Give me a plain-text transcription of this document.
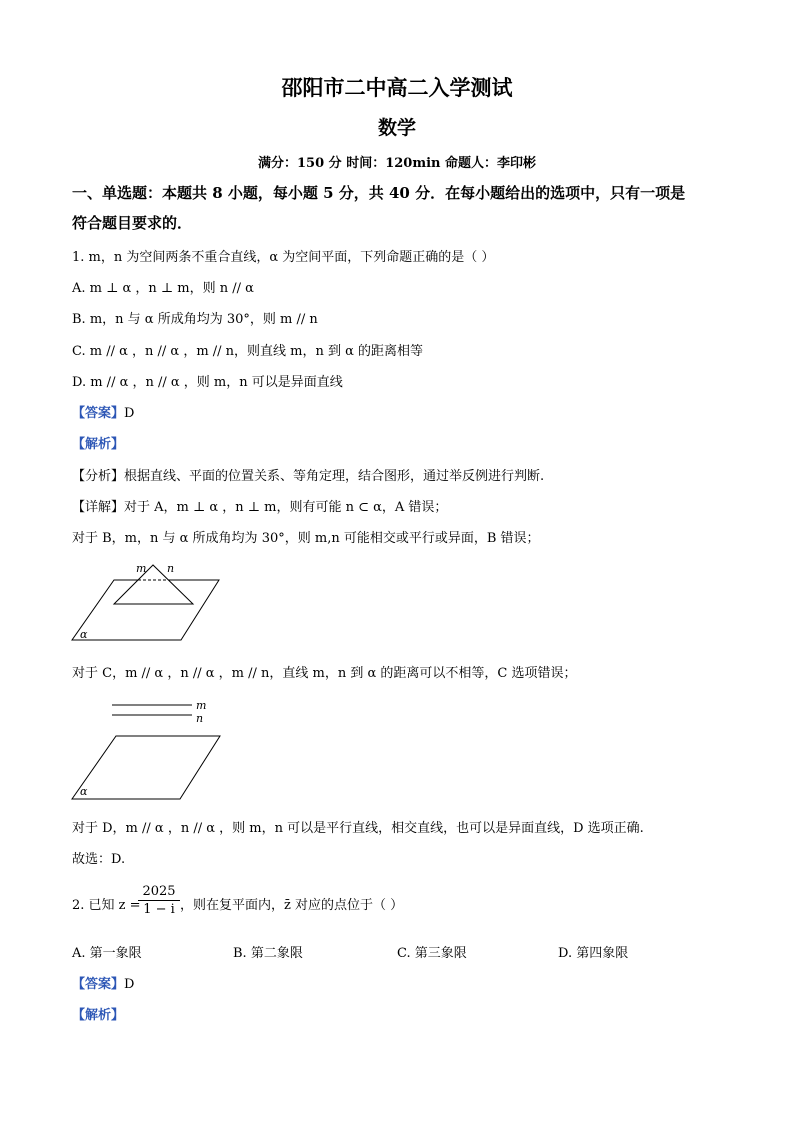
邵阳市二中高二入学测试
数学
满分：150 分 时间：120min 命题人：李印彬
一、单选题：本题共 8 小题，每小题 5 分，共 40 分．在每小题给出的选项中，只有一项是
符合题目要求的．
1. m，n 为空间两条不重合直线，α 为空间平面，下列命题正确的是（ ）
A. m ⊥ α ，n ⊥ m，则 n // α
B. m，n 与 α 所成角均为 30°，则 m // n
C. m // α ，n // α ，m // n，则直线 m，n 到 α 的距离相等
D. m // α ，n // α ，则 m，n 可以是异面直线
【答案】D
【解析】
【分析】根据直线、平面的位置关系、等角定理，结合图形，通过举反例进行判断.
【详解】对于 A，m ⊥ α ，n ⊥ m，则有可能 n ⊂ α，A 错误；
对于 B，m，n 与 α 所成角均为 30°，则 m,n 可能相交或平行或异面，B 错误；
m n
α
对于 C，m // α ，n // α ，m // n，直线 m，n 到 α 的距离可以不相等，C 选项错误；
m
n
α
对于 D，m // α ，n // α ，则 m，n 可以是平行直线，相交直线，也可以是异面直线，D 选项正确.
故选：D.
2. 已知 z =
$\frac{2025}{1 - i}$ ，则在复平面内，z̄ 对应的点位于（ ）
A. 第一象限	B. 第二象限	C. 第三象限	D. 第四象限
【答案】D
【解析】
